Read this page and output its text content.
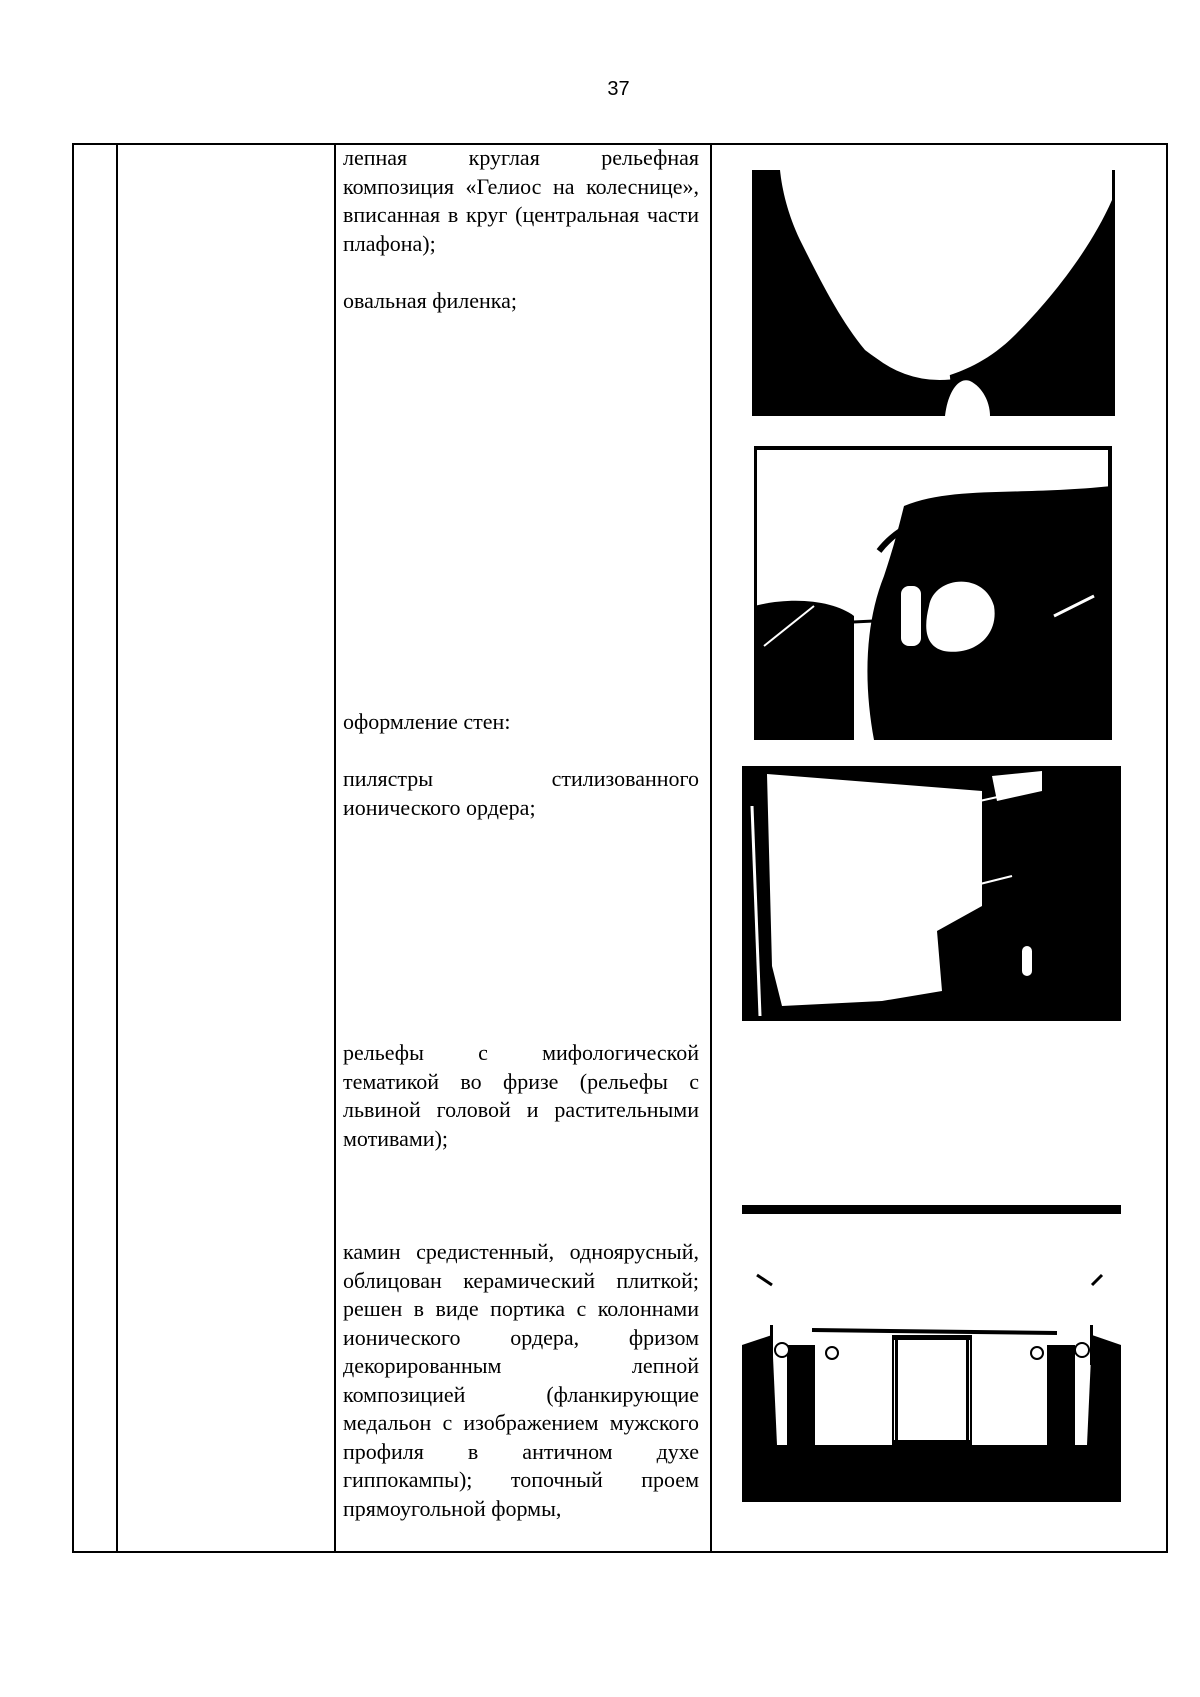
37
лепная круглая рельефная композиция «Гелиос на колеснице», вписанная в круг (центральная части плафона);
овальная филенка;
оформление стен:
пилястры стилизованного ионического ордера;
рельефы с мифологической тематикой во фризе (рельефы с львиной головой и растительными мотивами);
камин средистенный, одноярусный, облицован керамический плиткой; решен в виде портика с колоннами ионического ордера, фризом декорированным лепной композицией (фланкирующие медальон с изображением мужского профиля в античном духе гиппокампы); топочный проем прямоугольной формы,
